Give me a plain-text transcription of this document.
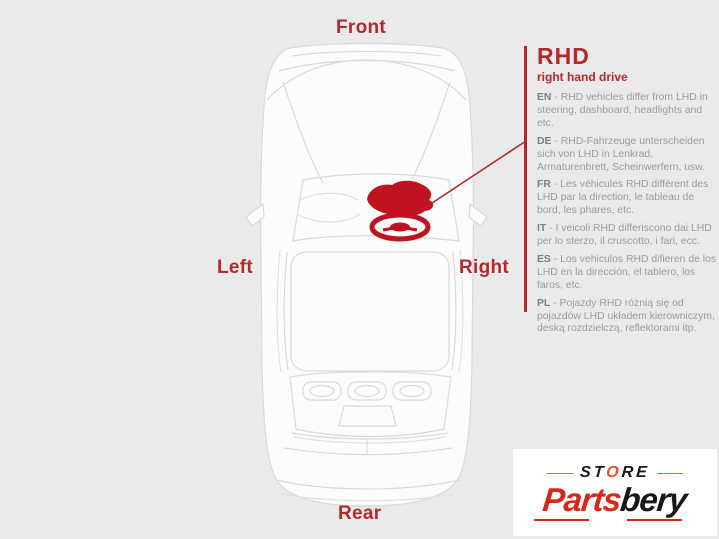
Front
Left	Right
Rear
RHD
right hand drive

EN - RHD vehicles differ from LHD in steering, dashboard, headlights and etc.

DE - RHD-Fahrzeuge unterscheiden sich von LHD in Lenkrad, Armaturenbrett, Scheinwerfern, usw.

FR - Les véhicules RHD diffèrent des LHD par la direction, le tableau de bord, les phares, etc.

IT - I veicoli RHD differiscono dai LHD per lo sterzo, il cruscotto, i fari, ecc.

ES - Los vehiculos RHD difieren de los LHD en la dirección, el tablero, los faros, etc.

PL - Pojazdy RHD różnią się od pojazdów LHD układem kierowniczym, deską rozdzielczą, reflektorami itp.

STORE
Partsbery
